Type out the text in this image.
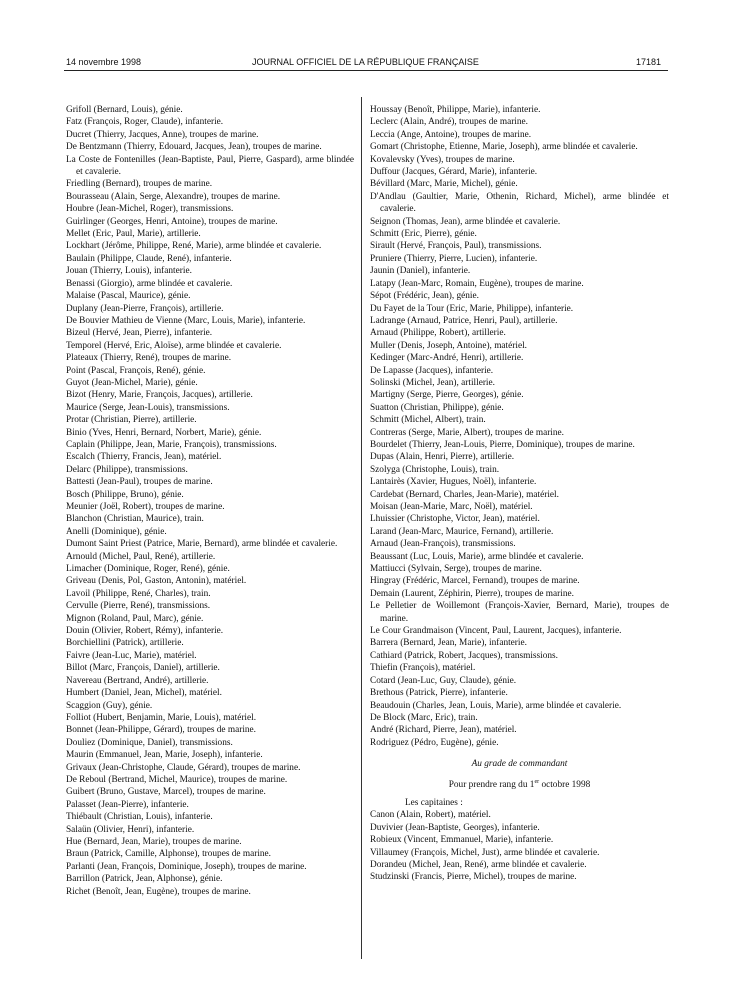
14 novembre 1998	JOURNAL OFFICIEL DE LA RÉPUBLIQUE FRANÇAISE	17181

Grifoll (Bernard, Louis), génie.

Fatz (François, Roger, Claude), infanterie.

Ducret (Thierry, Jacques, Anne), troupes de marine.

De Bentzmann (Thierry, Edouard, Jacques, Jean), troupes de marine.

La Coste de Fontenilles (Jean-Baptiste, Paul, Pierre, Gaspard), arme blindée et cavalerie.

Friedling (Bernard), troupes de marine.

Bourasseau (Alain, Serge, Alexandre), troupes de marine.

Houbre (Jean-Michel, Roger), transmissions.

Guirlinger (Georges, Henri, Antoine), troupes de marine.

Mellet (Eric, Paul, Marie), artillerie.

Lockhart (Jérôme, Philippe, René, Marie), arme blindée et cavalerie.

Baulain (Philippe, Claude, René), infanterie.

Jouan (Thierry, Louis), infanterie.

Benassi (Giorgio), arme blindée et cavalerie.

Malaise (Pascal, Maurice), génie.

Duplany (Jean-Pierre, François), artillerie.

De Bouvier Mathieu de Vienne (Marc, Louis, Marie), infanterie.

Bizeul (Hervé, Jean, Pierre), infanterie.

Temporel (Hervé, Eric, Aloïse), arme blindée et cavalerie.

Plateaux (Thierry, René), troupes de marine.

Point (Pascal, François, René), génie.

Guyot (Jean-Michel, Marie), génie.

Bizot (Henry, Marie, François, Jacques), artillerie.

Maurice (Serge, Jean-Louis), transmissions.

Protar (Christian, Pierre), artillerie.

Binio (Yves, Henri, Bernard, Norbert, Marie), génie.

Caplain (Philippe, Jean, Marie, François), transmissions.

Escalch (Thierry, Francis, Jean), matériel.

Delarc (Philippe), transmissions.

Battesti (Jean-Paul), troupes de marine.

Bosch (Philippe, Bruno), génie.

Meunier (Joël, Robert), troupes de marine.

Blanchon (Christian, Maurice), train.

Anelli (Dominique), génie.

Dumont Saint Priest (Patrice, Marie, Bernard), arme blindée et cavalerie.

Arnould (Michel, Paul, René), artillerie.

Limacher (Dominique, Roger, René), génie.

Griveau (Denis, Pol, Gaston, Antonin), matériel.

Lavoil (Philippe, René, Charles), train.

Cervulle (Pierre, René), transmissions.

Mignon (Roland, Paul, Marc), génie.

Douin (Olivier, Robert, Rémy), infanterie.

Borchiellini (Patrick), artillerie.

Faivre (Jean-Luc, Marie), matériel.

Billot (Marc, François, Daniel), artillerie.

Navereau (Bertrand, André), artillerie.

Humbert (Daniel, Jean, Michel), matériel.

Scaggion (Guy), génie.

Folliot (Hubert, Benjamin, Marie, Louis), matériel.

Bonnet (Jean-Philippe, Gérard), troupes de marine.

Douliez (Dominique, Daniel), transmissions.

Maurin (Emmanuel, Jean, Marie, Joseph), infanterie.

Grivaux (Jean-Christophe, Claude, Gérard), troupes de marine.

De Reboul (Bertrand, Michel, Maurice), troupes de marine.

Guibert (Bruno, Gustave, Marcel), troupes de marine.

Palasset (Jean-Pierre), infanterie.

Thiébault (Christian, Louis), infanterie.

Salaün (Olivier, Henri), infanterie.

Hue (Bernard, Jean, Marie), troupes de marine.

Braun (Patrick, Camille, Alphonse), troupes de marine.

Parlanti (Jean, François, Dominique, Joseph), troupes de marine.

Barrillon (Patrick, Jean, Alphonse), génie.

Richet (Benoît, Jean, Eugène), troupes de marine.

Houssay (Benoît, Philippe, Marie), infanterie.

Leclerc (Alain, André), troupes de marine.

Leccia (Ange, Antoine), troupes de marine.

Gomart (Christophe, Etienne, Marie, Joseph), arme blindée et cavalerie.

Kovalevsky (Yves), troupes de marine.

Duffour (Jacques, Gérard, Marie), infanterie.

Bévillard (Marc, Marie, Michel), génie.

D'Andlau (Gaultier, Marie, Othenin, Richard, Michel), arme blindée et cavalerie.

Seignon (Thomas, Jean), arme blindée et cavalerie.

Schmitt (Eric, Pierre), génie.

Sirault (Hervé, François, Paul), transmissions.

Pruniere (Thierry, Pierre, Lucien), infanterie.

Jaunin (Daniel), infanterie.

Latapy (Jean-Marc, Romain, Eugène), troupes de marine.

Sépot (Frédéric, Jean), génie.

Du Fayet de la Tour (Eric, Marie, Philippe), infanterie.

Ladrange (Arnaud, Patrice, Henri, Paul), artillerie.

Arnaud (Philippe, Robert), artillerie.

Muller (Denis, Joseph, Antoine), matériel.

Kedinger (Marc-André, Henri), artillerie.

De Lapasse (Jacques), infanterie.

Solinski (Michel, Jean), artillerie.

Martigny (Serge, Pierre, Georges), génie.

Suatton (Christian, Philippe), génie.

Schmitt (Michel, Albert), train.

Contreras (Serge, Marie, Albert), troupes de marine.

Bourdelet (Thierry, Jean-Louis, Pierre, Dominique), troupes de marine.

Dupas (Alain, Henri, Pierre), artillerie.

Szolyga (Christophe, Louis), train.

Lantairès (Xavier, Hugues, Noël), infanterie.

Cardebat (Bernard, Charles, Jean-Marie), matériel.

Moisan (Jean-Marie, Marc, Noël), matériel.

Lhuissier (Christophe, Victor, Jean), matériel.

Larand (Jean-Marc, Maurice, Fernand), artillerie.

Arnaud (Jean-François), transmissions.

Beaussant (Luc, Louis, Marie), arme blindée et cavalerie.

Mattiucci (Sylvain, Serge), troupes de marine.

Hingray (Frédéric, Marcel, Fernand), troupes de marine.

Demain (Laurent, Zéphirin, Pierre), troupes de marine.

Le Pelletier de Woillemont (François-Xavier, Bernard, Marie), troupes de marine.

Le Cour Grandmaison (Vincent, Paul, Laurent, Jacques), infanterie.

Barrera (Bernard, Jean, Marie), infanterie.

Cathiard (Patrick, Robert, Jacques), transmissions.

Thiefin (François), matériel.

Cotard (Jean-Luc, Guy, Claude), génie.

Brethous (Patrick, Pierre), infanterie.

Beaudouin (Charles, Jean, Louis, Marie), arme blindée et cavalerie.

De Block (Marc, Eric), train.

André (Richard, Pierre, Jean), matériel.

Rodriguez (Pédro, Eugène), génie.

Au grade de commandant

Pour prendre rang du 1er octobre 1998

Les capitaines :

Canon (Alain, Robert), matériel.

Duvivier (Jean-Baptiste, Georges), infanterie.

Robieux (Vincent, Emmanuel, Marie), infanterie.

Villaumey (François, Michel, Just), arme blindée et cavalerie.

Dorandeu (Michel, Jean, René), arme blindée et cavalerie.

Studzinski (Francis, Pierre, Michel), troupes de marine.
